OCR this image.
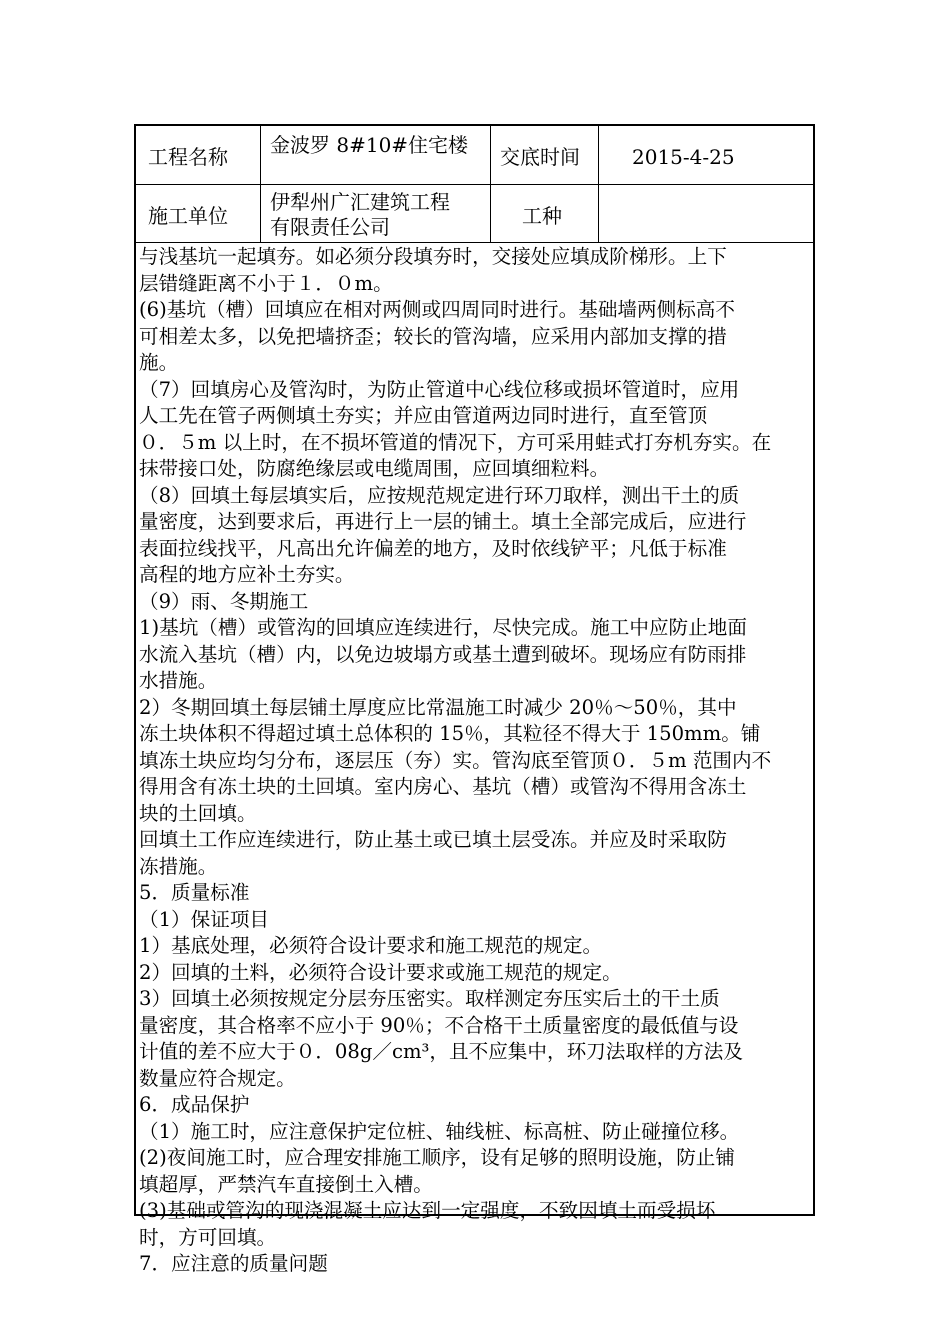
工程名称 金波罗 8#10#住宅楼 交底时间	2015-4-25
施工单位
伊犁州广汇建筑工程
有限责任公司	工种

与浅基坑一起填夯。如必须分段填夯时，交接处应填成阶梯形。上下

层错缝距离不小于１．０m。

(6)基坑（槽）回填应在相对两侧或四周同时进行。基础墙两侧标高不

可相差太多，以免把墙挤歪；较长的管沟墙，应采用内部加支撑的措

施。

（7）回填房心及管沟时，为防止管道中心线位移或损坏管道时，应用

人工先在管子两侧填土夯实；并应由管道两边同时进行，直至管顶

０．５m 以上时，在不损坏管道的情况下，方可采用蛙式打夯机夯实。在

抹带接口处，防腐绝缘层或电缆周围，应回填细粒料。

（8）回填土每层填实后，应按规范规定进行环刀取样，测出干土的质

量密度，达到要求后，再进行上一层的铺土。填土全部完成后，应进行

表面拉线找平，凡高出允许偏差的地方，及时依线铲平；凡低于标准

高程的地方应补土夯实。

（9）雨、冬期施工

1)基坑（槽）或管沟的回填应连续进行，尽快完成。施工中应防止地面

水流入基坑（槽）内，以免边坡塌方或基土遭到破坏。现场应有防雨排

水措施。

2）冬期回填土每层铺土厚度应比常温施工时减少 20％～50％，其中

冻土块体积不得超过填土总体积的 15％，其粒径不得大于 150mm。铺

填冻土块应均匀分布，逐层压（夯）实。管沟底至管顶０．５m 范围内不

得用含有冻土块的土回填。室内房心、基坑（槽）或管沟不得用含冻土

块的土回填。

回填土工作应连续进行，防止基土或已填土层受冻。并应及时采取防

冻措施。

5．质量标准

（1）保证项目

1）基底处理，必须符合设计要求和施工规范的规定。

2）回填的土料，必须符合设计要求或施工规范的规定。

3）回填土必须按规定分层夯压密实。取样测定夯压实后土的干土质

量密度，其合格率不应小于 90％；不合格干土质量密度的最低值与设

计值的差不应大于０．08g／cm³，且不应集中，环刀法取样的方法及

数量应符合规定。

6．成品保护

（1）施工时，应注意保护定位桩、轴线桩、标高桩、防止碰撞位移。

(2)夜间施工时，应合理安排施工顺序，设有足够的照明设施，防止铺

填超厚，严禁汽车直接倒土入槽。

(3)基础或管沟的现浇混凝土应达到一定强度，不致因填土而受损坏

时，方可回填。

7．应注意的质量问题
